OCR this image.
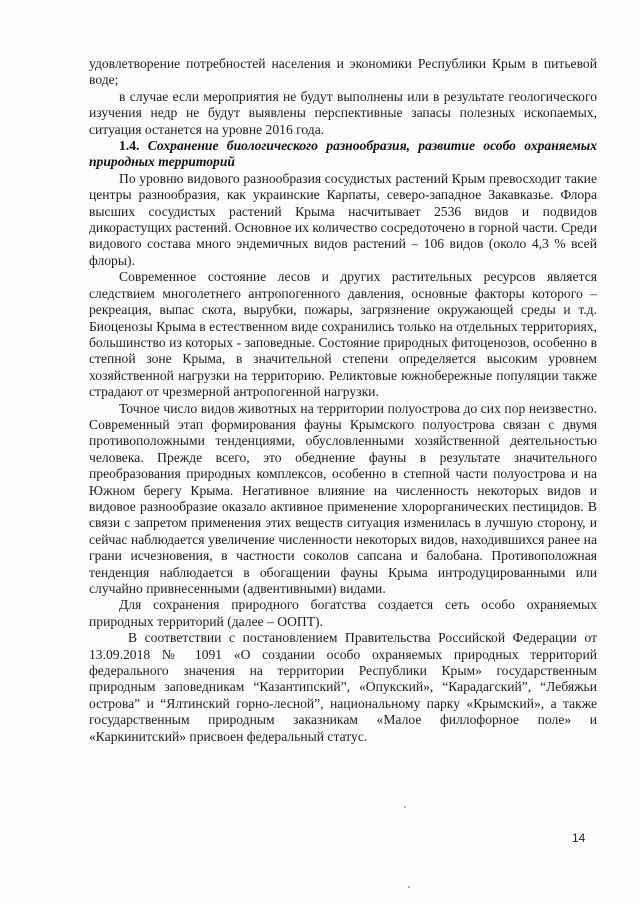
удовлетворение потребностей населения и экономики Республики Крым в питьевой воде;

в случае если мероприятия не будут выполнены или в результате геологического изучения недр не будут выявлены перспективные запасы полезных ископаемых, ситуация останется на уровне 2016 года.

1.4. Сохранение биологического разнообразия, развитие особо охраняемых природных территорий

По уровню видового разнообразия сосудистых растений Крым превосходит такие центры разнообразия, как украинские Карпаты, северо-западное Закавказье. Флора высших сосудистых растений Крыма насчитывает 2536 видов и подвидов дикорастущих растений. Основное их количество сосредоточено в горной части. Среди видового состава много эндемичных видов растений – 106 видов (около 4,3 % всей флоры).

Современное состояние лесов и других растительных ресурсов является следствием многолетнего антропогенного давления, основные факторы которого – рекреация, выпас скота, вырубки, пожары, загрязнение окружающей среды и т.д. Биоценозы Крыма в естественном виде сохранились только на отдельных территориях, большинство из которых - заповедные. Состояние природных фитоценозов, особенно в степной зоне Крыма, в значительной степени определяется высоким уровнем хозяйственной нагрузки на территорию. Реликтовые южнобережные популяции также страдают от чрезмерной антропогенной нагрузки.

Точное число видов животных на территории полуострова до сих пор неизвестно. Современный этап формирования фауны Крымского полуострова связан с двумя противоположными тенденциями, обусловленными хозяйственной деятельностью человека. Прежде всего, это обеднение фауны в результате значительного преобразования природных комплексов, особенно в степной части полуострова и на Южном берегу Крыма. Негативное влияние на численность некоторых видов и видовое разнообразие оказало активное применение хлорорганических пестицидов. В связи с запретом применения этих веществ ситуация изменилась в лучшую сторону, и сейчас наблюдается увеличение численности некоторых видов, находившихся ранее на грани исчезновения, в частности соколов сапсана и балобана. Противоположная тенденция наблюдается в обогащении фауны Крыма интродуцированными или случайно привнесенными (адвентивными) видами.

Для сохранения природного богатства создается сеть особо охраняемых природных территорий (далее – ООПТ).

В соответствии с постановлением Правительства Российской Федерации от 13.09.2018 № 1091 «О создании особо охраняемых природных территорий федерального значения на территории Республики Крым» государственным природным заповедникам “Казантипский”, «Опукский», “Карадагский”, “Лебяжьи острова” и “Ялтинский горно-лесной”, национальному парку «Крымский», а также государственным природным заказникам «Малое филлофорное поле» и «Каркинитский» присвоен федеральный статус.

14
